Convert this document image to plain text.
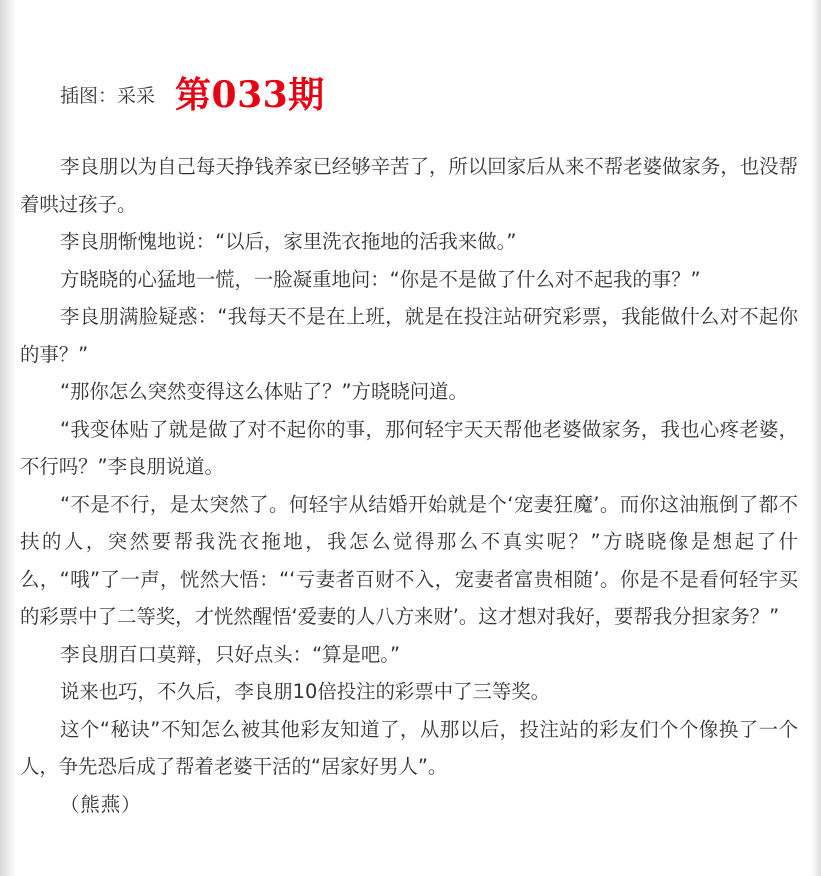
插图：采采 第033期

李良朋以为自己每天挣钱养家已经够辛苦了，所以回家后从来不帮老婆做家务，也没帮着哄过孩子。

李良朋惭愧地说：“以后，家里洗衣拖地的活我来做。”

方晓晓的心猛地一慌，一脸凝重地问：“你是不是做了什么对不起我的事？”

李良朋满脸疑惑：“我每天不是在上班，就是在投注站研究彩票，我能做什么对不起你的事？”

“那你怎么突然变得这么体贴了？”方晓晓问道。

“我变体贴了就是做了对不起你的事，那何轻宇天天帮他老婆做家务，我也心疼老婆，不行吗？”李良朋说道。

“不是不行，是太突然了。何轻宇从结婚开始就是个‘宠妻狂魔’。而你这油瓶倒了都不扶的人，突然要帮我洗衣拖地，我怎么觉得那么不真实呢？”方晓晓像是想起了什么，“哦”了一声，恍然大悟：“‘亏妻者百财不入，宠妻者富贵相随’。你是不是看何轻宇买的彩票中了二等奖，才恍然醒悟‘爱妻的人八方来财’。这才想对我好，要帮我分担家务？”

李良朋百口莫辩，只好点头：“算是吧。”

说来也巧，不久后，李良朋10倍投注的彩票中了三等奖。

这个“秘诀”不知怎么被其他彩友知道了，从那以后，投注站的彩友们个个像换了一个人，争先恐后成了帮着老婆干活的“居家好男人”。

（熊燕）
